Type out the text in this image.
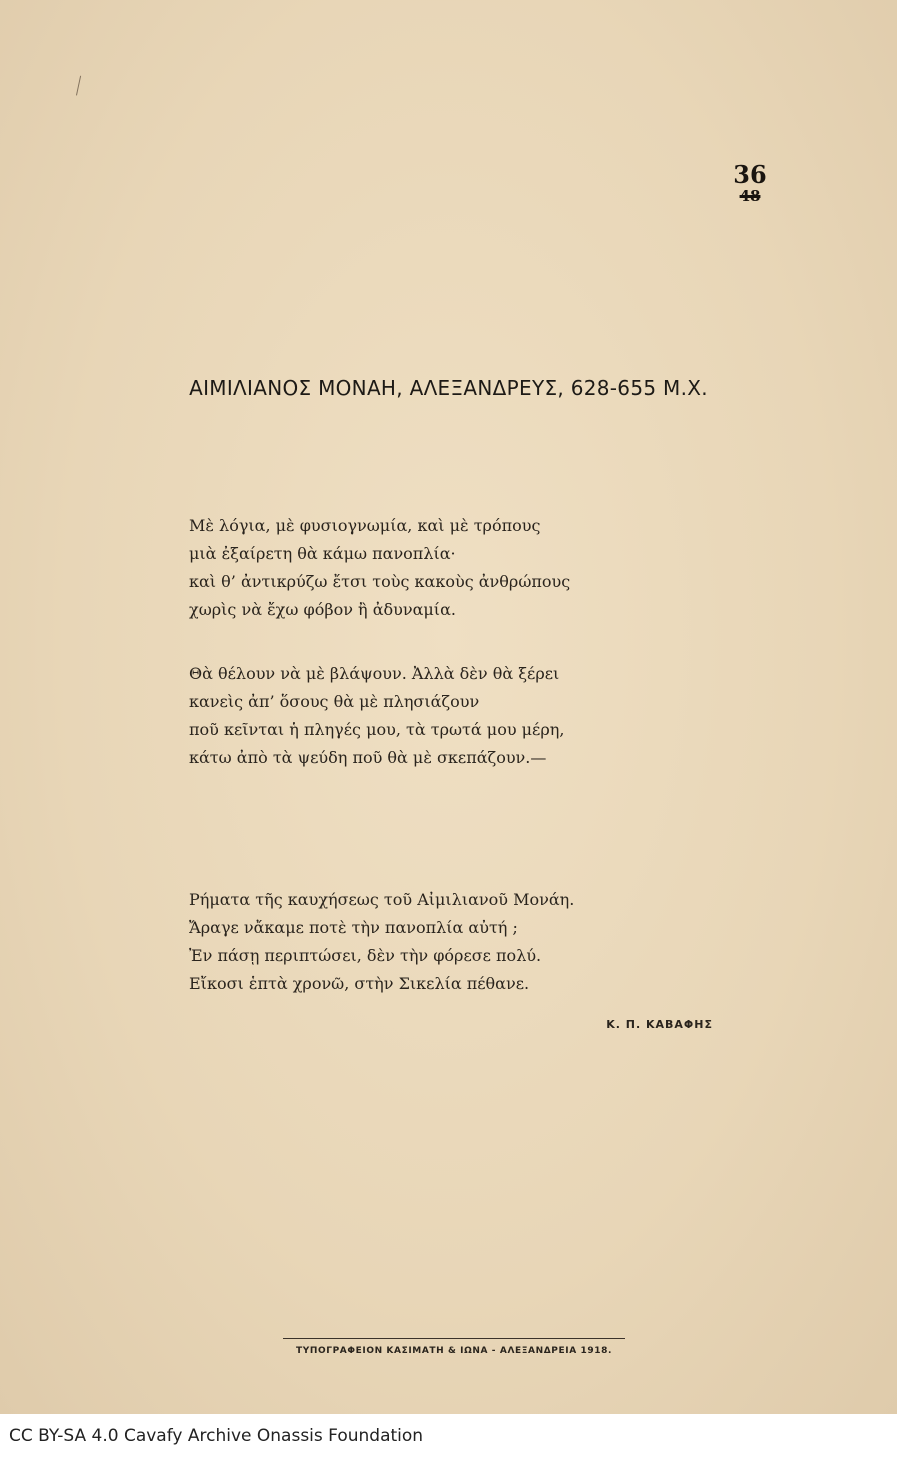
36
48
ΑΙΜΙΛΙΑΝΟΣ ΜΟΝΑΗ, ΑΛΕΞΑΝΔΡΕΥΣ, 628-655 Μ.Χ.
Μὲ λόγια, μὲ φυσιογνωμία, καὶ μὲ τρόπους
μιὰ ἐξαίρετη θὰ κάμω πανοπλία·
καὶ θ’ ἀντικρύζω ἔτσι τοὺς κακοὺς ἀνθρώπους
χωρὶς νὰ ἔχω φόβον ἢ ἀδυναμία.
Θὰ θέλουν νὰ μὲ βλάψουν. Ἀλλὰ δὲν θὰ ξέρει
κανεὶς ἀπ’ ὅσους θὰ μὲ πλησιάζουν
ποῦ κεῖνται ἡ πληγές μου, τὰ τρωτά μου μέρη,
κάτω ἀπὸ τὰ ψεύδη ποῦ θὰ μὲ σκεπάζουν.—
Ρήματα τῆς καυχήσεως τοῦ Αἰμιλιανοῦ Μονάη.
Ἄραγε νἄκαμε ποτὲ τὴν πανοπλία αὐτή ;
Ἐν πάσῃ περιπτώσει, δὲν τὴν φόρεσε πολύ.
Εἴκοσι ἑπτὰ χρονῶ, στὴν Σικελία πέθανε.
Κ. Π. ΚΑΒΑΦΗΣ
ΤΥΠΟΓΡΑΦΕΙΟΝ ΚΑΣΙΜΑΤΗ & ΙΩΝΑ - ΑΛΕΞΑΝΔΡΕΙΑ 1918.
CC BY-SA 4.0 Cavafy Archive Onassis Foundation
